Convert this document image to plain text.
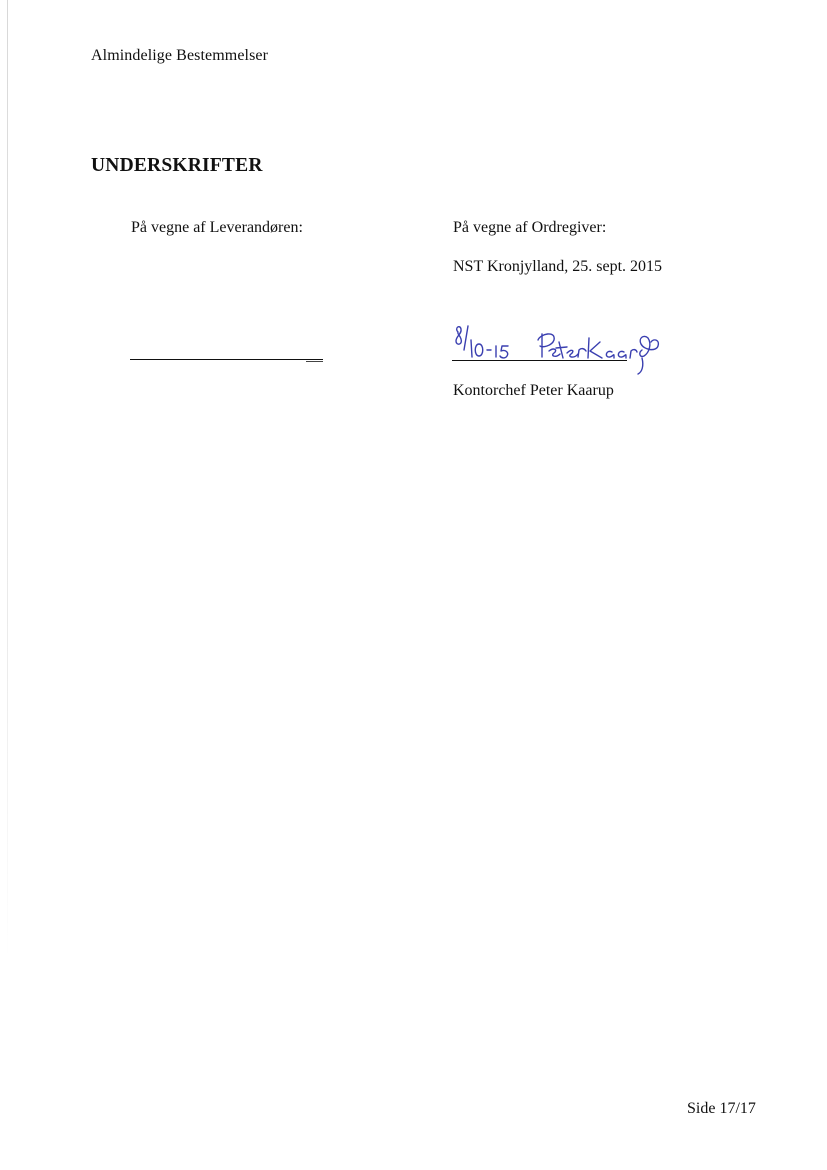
Almindelige Bestemmelser
UNDERSKRIFTER
På vegne af Leverandøren:	På vegne af Ordregiver:
NST Kronjylland, 25. sept. 2015
Kontorchef Peter Kaarup
Side 17/17
